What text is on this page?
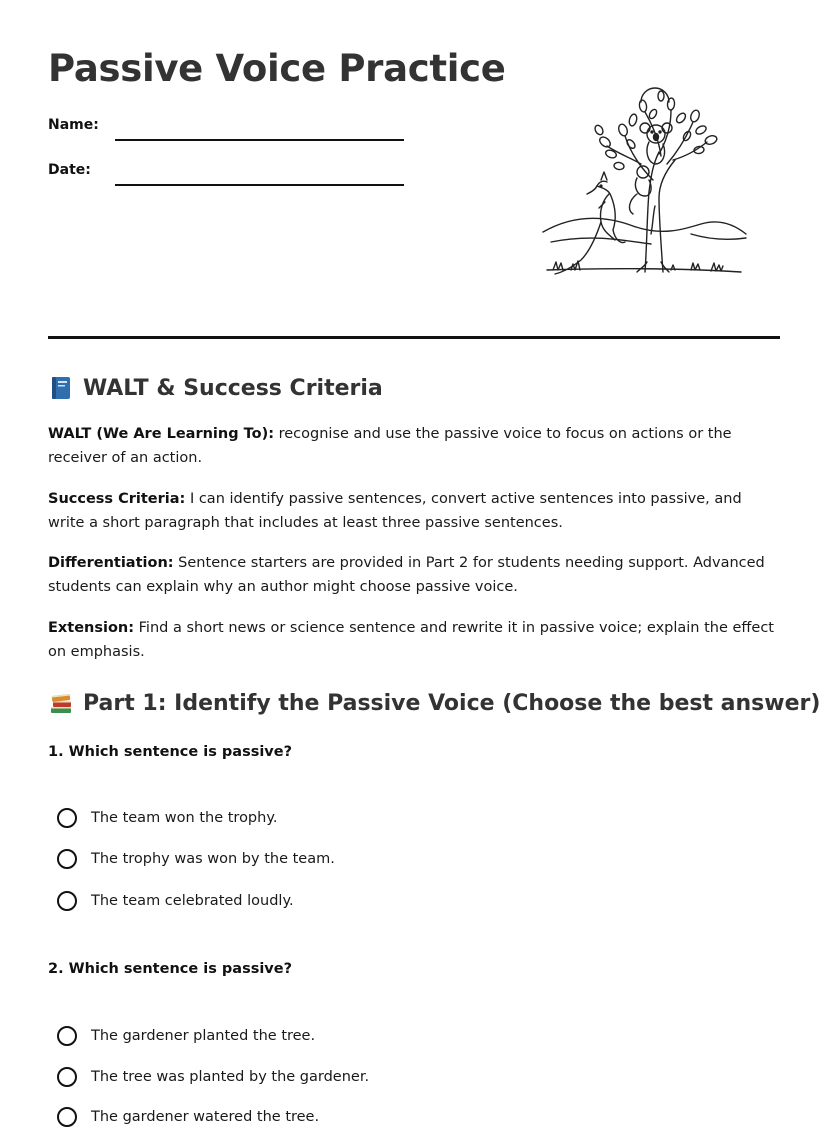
Passive Voice Practice
Name:
Date:
WALT & Success Criteria

WALT (We Are Learning To): recognise and use the passive voice to focus on actions or the receiver of an action.

Success Criteria: I can identify passive sentences, convert active sentences into passive, and write a short paragraph that includes at least three passive sentences.

Differentiation: Sentence starters are provided in Part 2 for students needing support. Advanced students can explain why an author might choose passive voice.

Extension: Find a short news or science sentence and rewrite it in passive voice; explain the effect on emphasis.

Part 1: Identify the Passive Voice (Choose the best answer)

1. Which sentence is passive?

The team won the trophy.
The trophy was won by the team.
The team celebrated loudly.

2. Which sentence is passive?

The gardener planted the tree.
The tree was planted by the gardener.
The gardener watered the tree.
